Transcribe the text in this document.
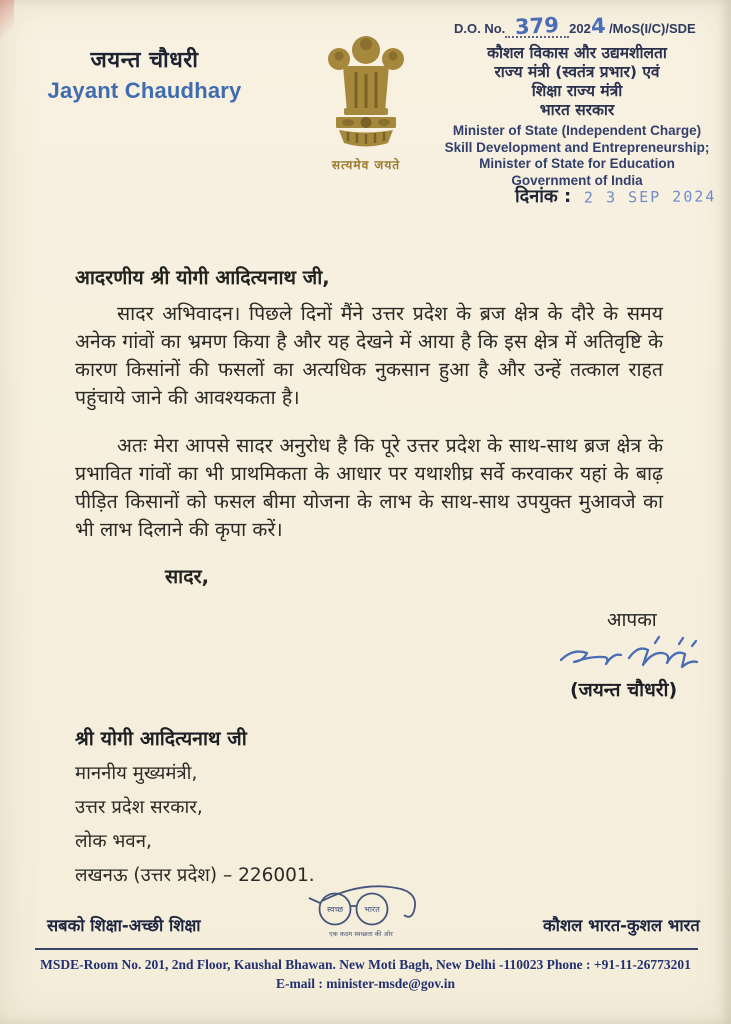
जयन्त चौधरी
Jayant Chaudhary
सत्यमेव जयते
D.O. No. 379 2024 /MoS(I/C)/SDE
कौशल विकास और उद्यमशीलता
राज्य मंत्री (स्वतंत्र प्रभार) एवं
शिक्षा राज्य मंत्री
भारत सरकार
Minister of State (Independent Charge)
Skill Development and Entrepreneurship;
Minister of State for Education
Government of India
दिनांक : 2 3 SEP 2024
आदरणीय श्री योगी आदित्यनाथ जी,
सादर अभिवादन। पिछले दिनों मैंने उत्तर प्रदेश के ब्रज क्षेत्र के दौरे के समय अनेक गांवों का भ्रमण किया है और यह देखने में आया है कि इस क्षेत्र में अतिवृष्टि के कारण किसांनों की फसलों का अत्यधिक नुकसान हुआ है और उन्हें तत्काल राहत पहुंचाये जाने की आवश्यकता है।
अतः मेरा आपसे सादर अनुरोध है कि पूरे उत्तर प्रदेश के साथ-साथ ब्रज क्षेत्र के प्रभावित गांवों का भी प्राथमिकता के आधार पर यथाशीघ्र सर्वे करवाकर यहां के बाढ़ पीड़ित किसानों को फसल बीमा योजना के लाभ के साथ-साथ उपयुक्त मुआवजे का भी लाभ दिलाने की कृपा करें।
सादर,
आपका
(जयन्त चौधरी)
श्री योगी आदित्यनाथ जी
माननीय मुख्यमंत्री,
उत्तर प्रदेश सरकार,
लोक भवन,
लखनऊ (उत्तर प्रदेश) – 226001.
सबको शिक्षा-अच्छी शिक्षा
स्वच्छ	भारत
एक कदम स्वच्छता की ओर	कौशल भारत-कुशल भारत
MSDE-Room No. 201, 2nd Floor, Kaushal Bhawan. New Moti Bagh, New Delhi -110023 Phone : +91-11-26773201
E-mail : minister-msde@gov.in
